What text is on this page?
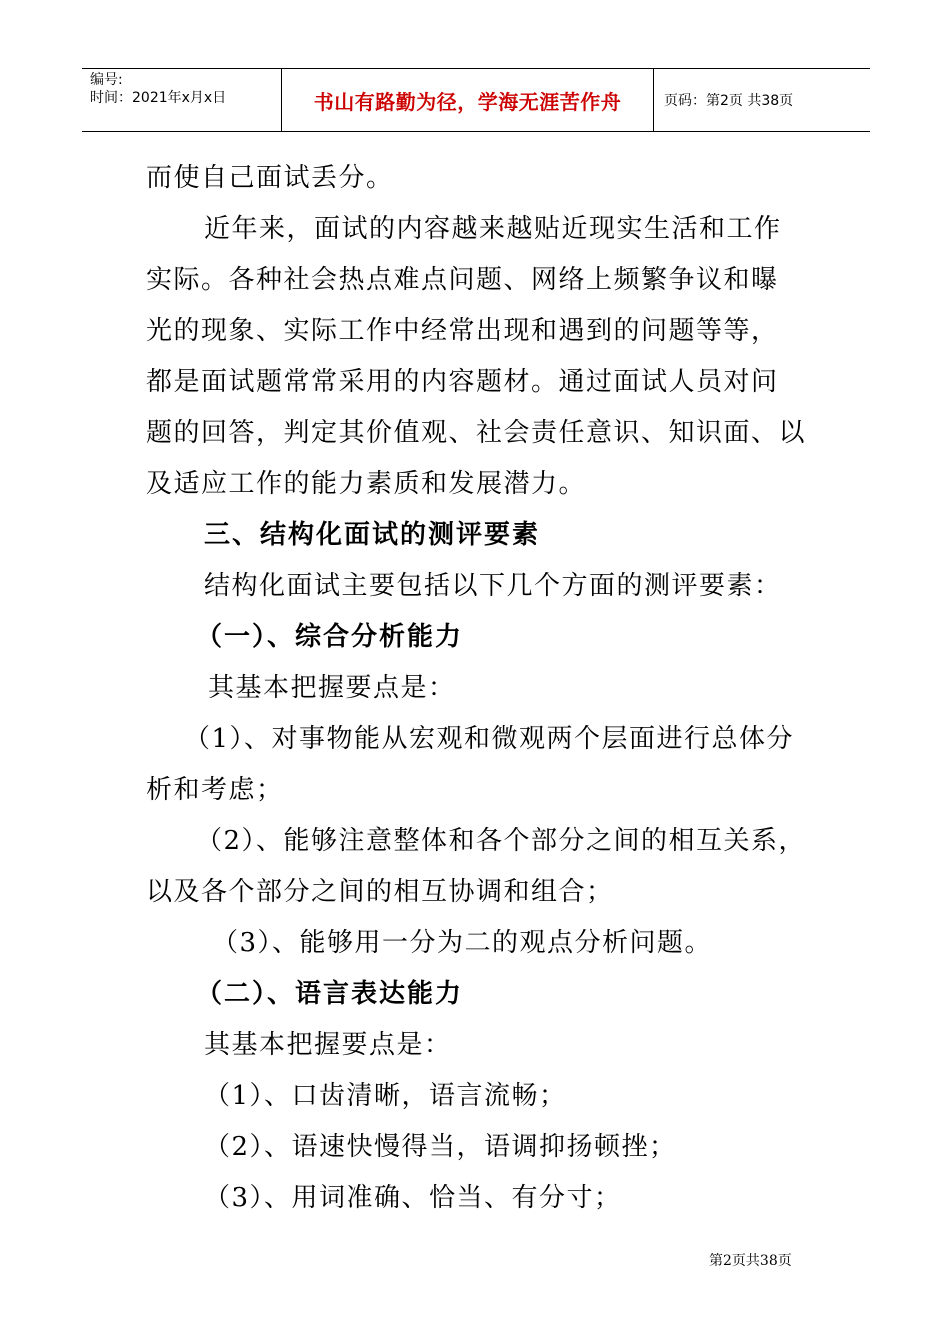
编号:
时间：2021年x月x日	书山有路勤为径，学海无涯苦作舟	页码：第2页 共38页
而使自己面试丢分。
近年来，面试的内容越来越贴近现实生活和工作
实际。各种社会热点难点问题、网络上频繁争议和曝
光的现象、实际工作中经常出现和遇到的问题等等，
都是面试题常常采用的内容题材。通过面试人员对问
题的回答，判定其价值观、社会责任意识、知识面、以
及适应工作的能力素质和发展潜力。
三、结构化面试的测评要素
结构化面试主要包括以下几个方面的测评要素：
（一）、综合分析能力
其基本把握要点是：
（1）、对事物能从宏观和微观两个层面进行总体分
析和考虑；
（2）、能够注意整体和各个部分之间的相互关系，
以及各个部分之间的相互协调和组合；
（3）、能够用一分为二的观点分析问题。
（二）、语言表达能力
其基本把握要点是：
（1）、口齿清晰，语言流畅；
（2）、语速快慢得当，语调抑扬顿挫；
（3）、用词准确、恰当、有分寸；
第2页共38页
